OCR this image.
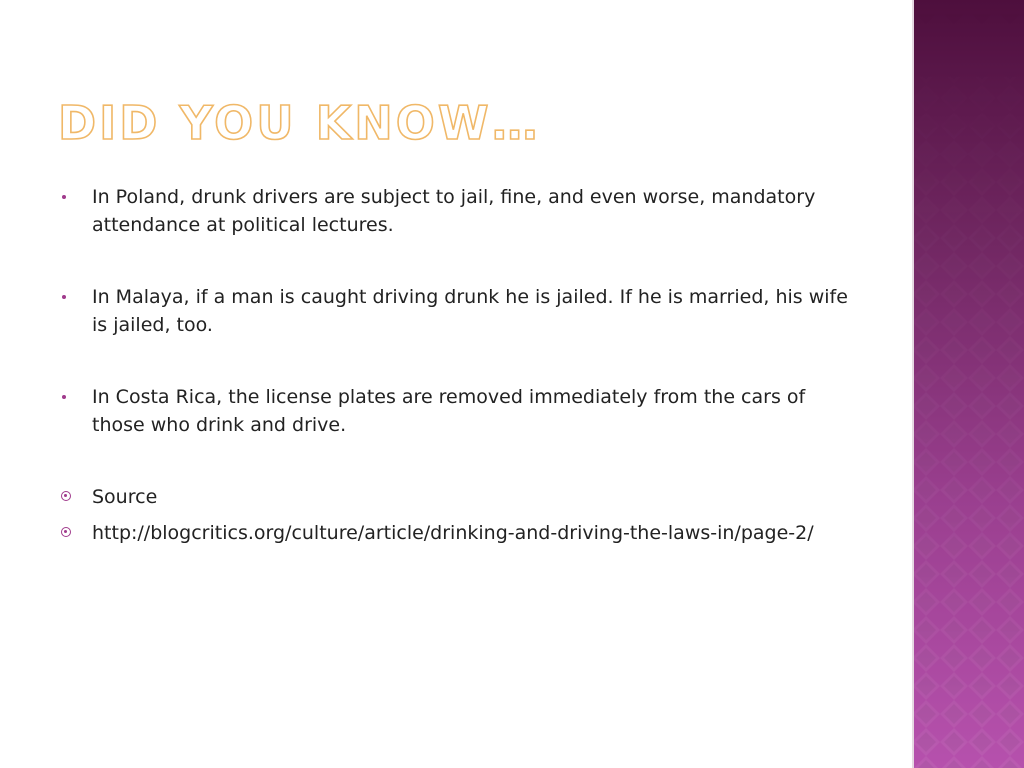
DID YOU KNOW…
In Poland, drunk drivers are subject to jail, fine, and even worse, mandatory attendance at political lectures.
In Malaya, if a man is caught driving drunk he is jailed. If he is married, his wife is jailed, too.
In Costa Rica, the license plates are removed immediately from the cars of those who drink and drive.
Source
http://blogcritics.org/culture/article/drinking-and-driving-the-laws-in/page-2/
